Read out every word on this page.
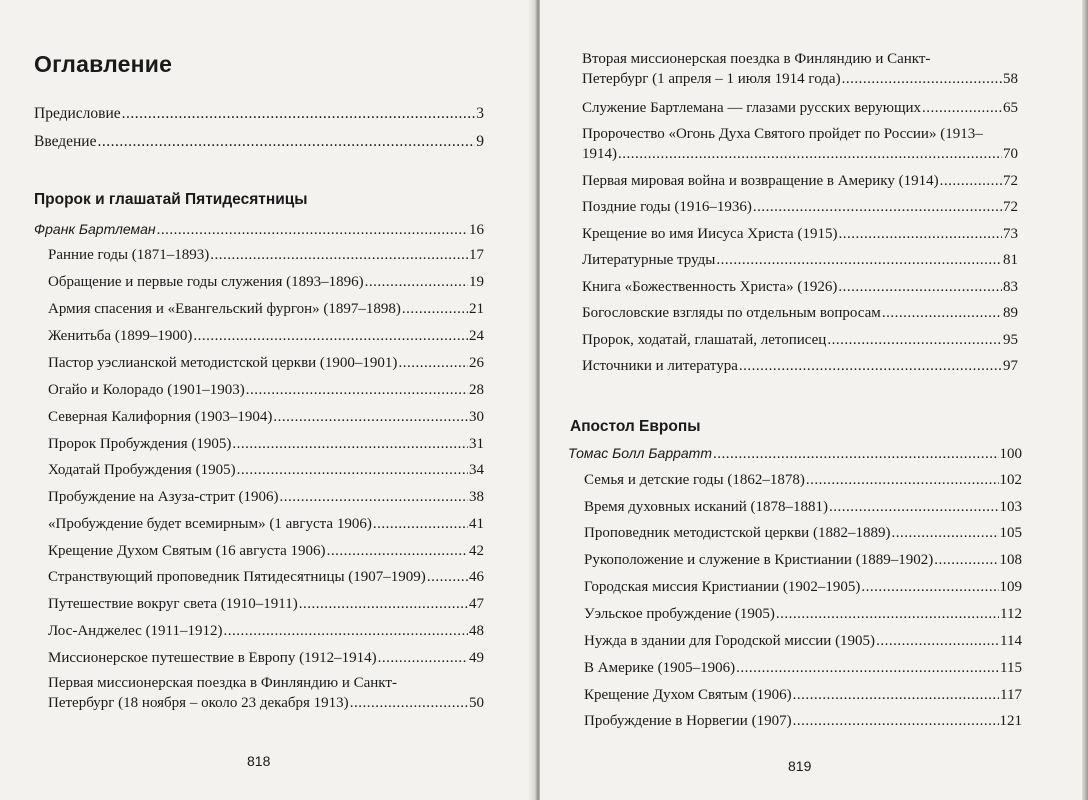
Оглавление
Предисловие .....	3
Введение .....	9
Пророк и глашатай Пятидесятницы
Франк Бартлеман .....	16
Ранние годы (1871–1893) .....	17
Обращение и первые годы служения (1893–1896) .....	19
Армия спасения и «Евангельский фургон» (1897–1898) .....	21
Женитьба (1899–1900) .....	24
Пастор уэслианской методистской церкви (1900–1901) .....	26
Огайо и Колорадо (1901–1903) .....	28
Северная Калифорния (1903–1904) .....	30
Пророк Пробуждения (1905) .....	31
Ходатай Пробуждения (1905) .....	34
Пробуждение на Азуза-стрит (1906) .....	38
«Пробуждение будет всемирным» (1 августа 1906) .....	41
Крещение Духом Святым (16 августа 1906) .....	42
Странствующий проповедник Пятидесятницы (1907–1909) .....	46
Путешествие вокруг света (1910–1911) .....	47
Лос-Анджелес (1911–1912) .....	48
Миссионерское путешествие в Европу (1912–1914) .....	49
Первая миссионерская поездка в Финляндию и Санкт-
Петербург (18 ноября – около 23 декабря 1913) .....	50
818
Вторая миссионерская поездка в Финляндию и Санкт-
Петербург (1 апреля – 1 июля 1914 года) .....	58
Служение Бартлемана — глазами русских верующих .....	65
Пророчество «Огонь Духа Святого пройдет по России» (1913–
1914) .....	70
Первая мировая война и возвращение в Америку (1914) .....	72
Поздние годы (1916–1936) .....	72
Крещение во имя Иисуса Христа (1915) .....	73
Литературные труды .....	81
Книга «Божественность Христа» (1926) .....	83
Богословские взгляды по отдельным вопросам .....	89
Пророк, ходатай, глашатай, летописец .....	95
Источники и литература .....	97
Апостол Европы
Томас Болл Барратт .....	100
Семья и детские годы (1862–1878) .....	102
Время духовных исканий (1878–1881) .....	103
Проповедник методистской церкви (1882–1889) .....	105
Рукоположение и служение в Кристиании (1889–1902) .....	108
Городская миссия Кристиании (1902–1905) .....	109
Уэльское пробуждение (1905) .....	112
Нужда в здании для Городской миссии (1905) .....	114
В Америке (1905–1906) .....	115
Крещение Духом Святым (1906) .....	117
Пробуждение в Норвегии (1907) .....	121
819
